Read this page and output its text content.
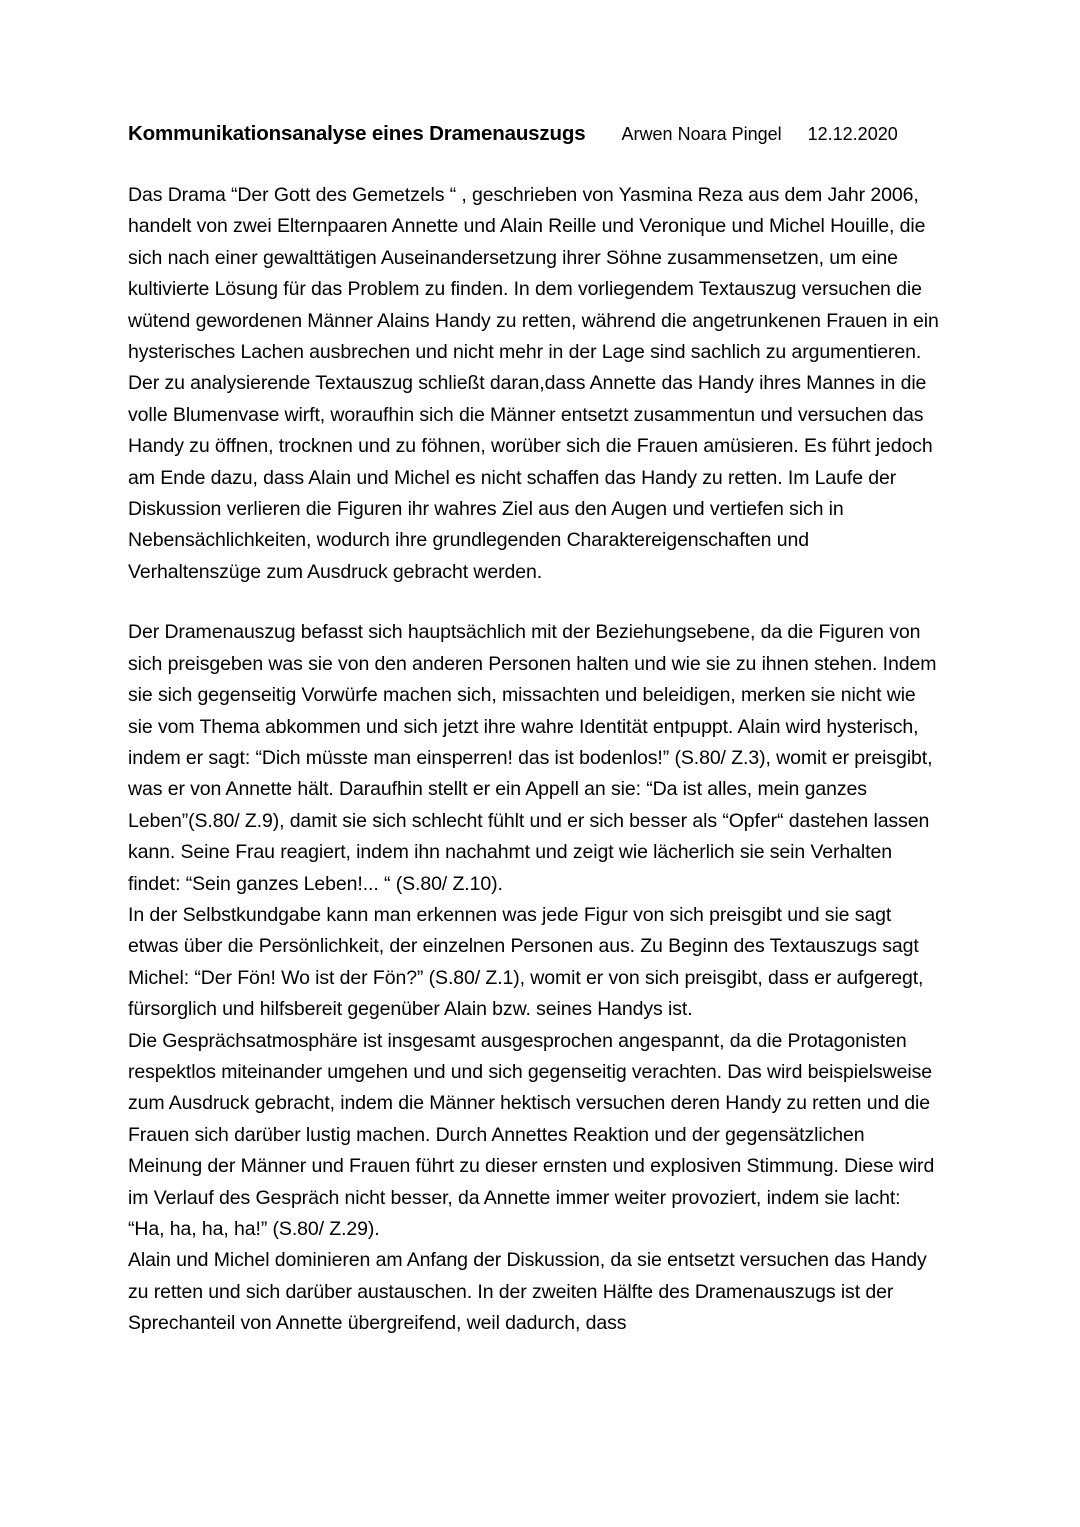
Kommunikationsanalyse eines Dramenauszugs Arwen Noara Pingel 12.12.2020

Das Drama “Der Gott des Gemetzels “ , geschrieben von Yasmina Reza aus dem Jahr 2006, handelt von zwei Elternpaaren Annette und Alain Reille und Veronique und Michel Houille, die sich nach einer gewalttätigen Auseinandersetzung ihrer Söhne zusammensetzen, um eine kultivierte Lösung für das Problem zu finden. In dem vorliegendem Textauszug versuchen die wütend gewordenen Männer Alains Handy zu retten, während die angetrunkenen Frauen in ein hysterisches Lachen ausbrechen und nicht mehr in der Lage sind sachlich zu argumentieren. Der zu analysierende Textauszug schließt daran,dass Annette das Handy ihres Mannes in die volle Blumenvase wirft, woraufhin sich die Männer entsetzt zusammentun und versuchen das Handy zu öffnen, trocknen und zu föhnen, worüber sich die Frauen amüsieren. Es führt jedoch am Ende dazu, dass Alain und Michel es nicht schaffen das Handy zu retten. Im Laufe der Diskussion verlieren die Figuren ihr wahres Ziel aus den Augen und vertiefen sich in Nebensächlichkeiten, wodurch ihre grundlegenden Charaktereigenschaften und Verhaltenszüge zum Ausdruck gebracht werden.

Der Dramenauszug befasst sich hauptsächlich mit der Beziehungsebene, da die Figuren von sich preisgeben was sie von den anderen Personen halten und wie sie zu ihnen stehen. Indem sie sich gegenseitig Vorwürfe machen sich, missachten und beleidigen, merken sie nicht wie sie vom Thema abkommen und sich jetzt ihre wahre Identität entpuppt. Alain wird hysterisch, indem er sagt: “Dich müsste man einsperren! das ist bodenlos!” (S.80/ Z.3), womit er preisgibt, was er von Annette hält. Daraufhin stellt er ein Appell an sie: “Da ist alles, mein ganzes Leben”(S.80/ Z.9), damit sie sich schlecht fühlt und er sich besser als “Opfer“ dastehen lassen kann. Seine Frau reagiert, indem ihn nachahmt und zeigt wie lächerlich sie sein Verhalten findet: “Sein ganzes Leben!... “ (S.80/ Z.10).

In der Selbstkundgabe kann man erkennen was jede Figur von sich preisgibt und sie sagt etwas über die Persönlichkeit, der einzelnen Personen aus. Zu Beginn des Textauszugs sagt Michel: “Der Fön! Wo ist der Fön?” (S.80/ Z.1), womit er von sich preisgibt, dass er aufgeregt, fürsorglich und hilfsbereit gegenüber Alain bzw. seines Handys ist.

Die Gesprächsatmosphäre ist insgesamt ausgesprochen angespannt, da die Protagonisten respektlos miteinander umgehen und und sich gegenseitig verachten. Das wird beispielsweise zum Ausdruck gebracht, indem die Männer hektisch versuchen deren Handy zu retten und die Frauen sich darüber lustig machen. Durch Annettes Reaktion und der gegensätzlichen Meinung der Männer und Frauen führt zu dieser ernsten und explosiven Stimmung. Diese wird im Verlauf des Gespräch nicht besser, da Annette immer weiter provoziert, indem sie lacht: “Ha, ha, ha, ha!” (S.80/ Z.29).

Alain und Michel dominieren am Anfang der Diskussion, da sie entsetzt versuchen das Handy zu retten und sich darüber austauschen. In der zweiten Hälfte des Dramenauszugs ist der Sprechanteil von Annette übergreifend, weil dadurch, dass
